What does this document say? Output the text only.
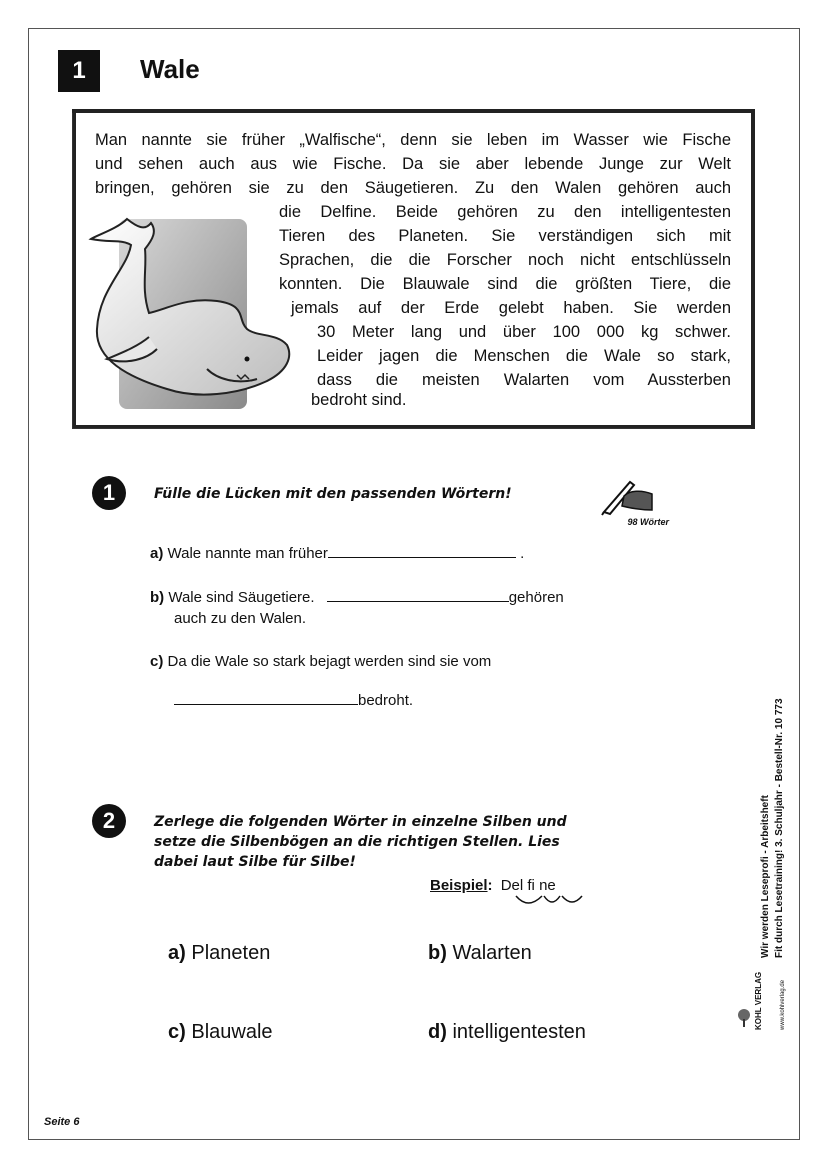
1	Wale
Man nannte sie früher „Walfische“, denn sie leben im Wasser wie Fische
und sehen auch aus wie Fische. Da sie aber lebende Junge zur Welt
bringen, gehören sie zu den Säugetieren. Zu den Walen gehören auch
die Delfine. Beide gehören zu den intelligentesten
Tieren des Planeten. Sie verständigen sich mit
Sprachen, die die Forscher noch nicht entschlüsseln
konnten. Die Blauwale sind die größten Tiere, die
jemals auf der Erde gelebt haben. Sie werden
30 Meter lang und über 100 000 kg schwer.
Leider jagen die Menschen die Wale so stark,
dass die meisten Walarten vom Aussterben
bedroht sind.
98 Wörter
1	Fülle die Lücken mit den passenden Wörtern!
a) Wale nannte man früher	.
b) Wale sind Säugetiere.	gehören
auch zu den Walen.
c) Da die Wale so stark bejagt werden sind sie vom
bedroht.
2	Zerlege die folgenden Wörter in einzelne Silben und
setze die Silbenbögen an die richtigen Stellen. Lies
dabei laut Silbe für Silbe!
Beispiel: Del fi ne
a) Planeten	b) Walarten
c) Blauwale	d) intelligentesten
Wir werden Leseprofi - Arbeitsheft Fit durch Lesetraining! 3. Schuljahr - Bestell-Nr. 10 773
KOHL VERLAG	www.kohlverlag.de
Seite 6
